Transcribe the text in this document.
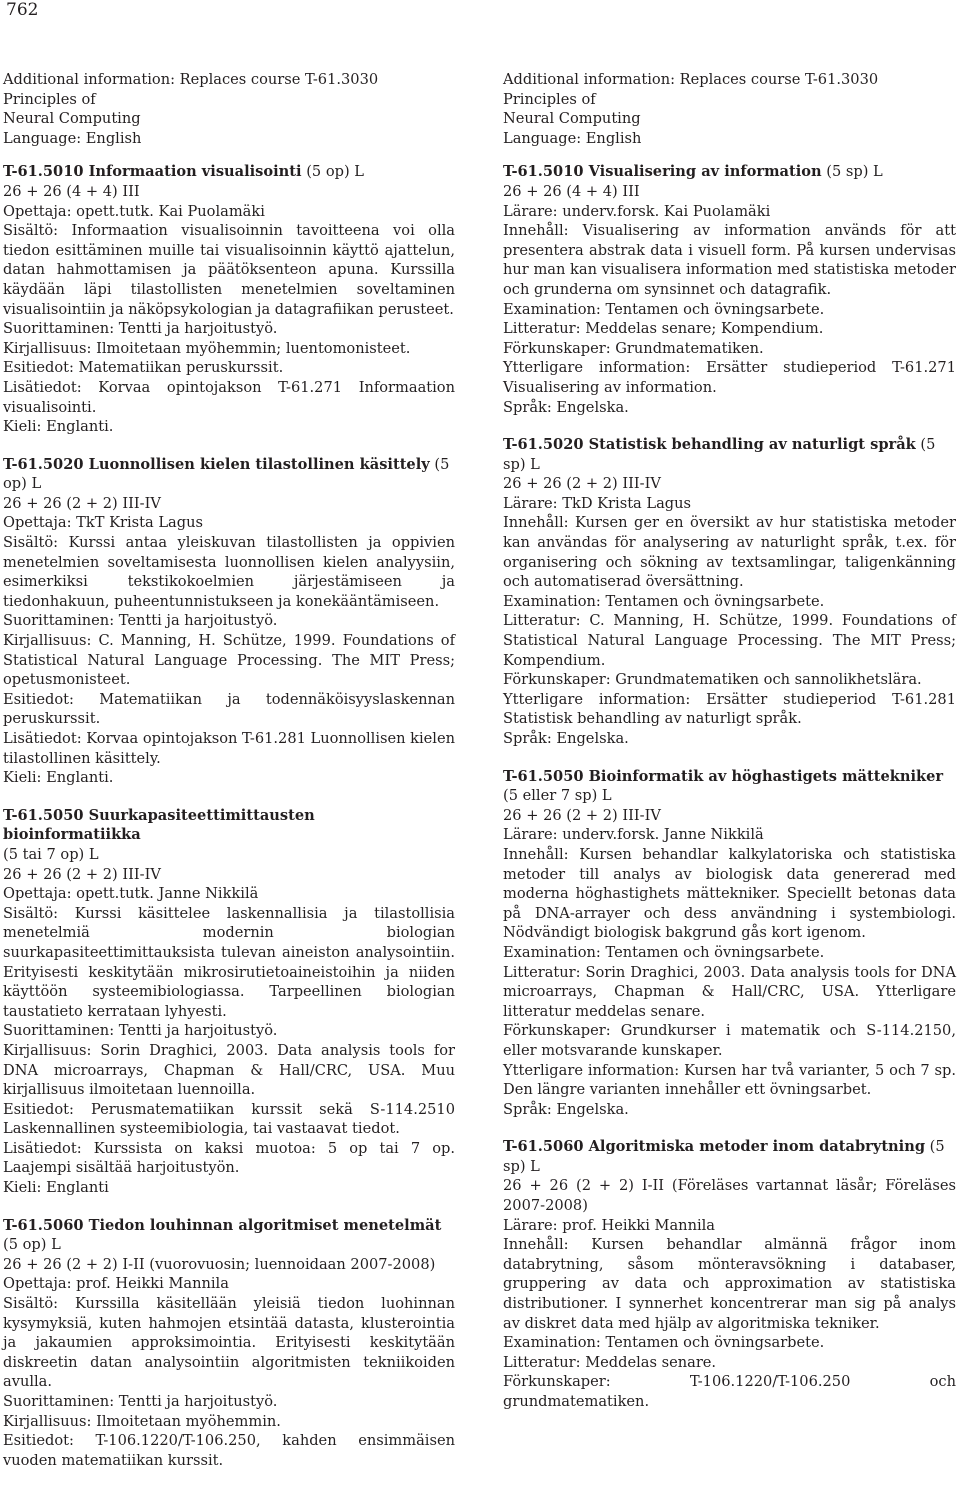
762
Additional information: Replaces course T-61.3030 Principles of
Neural Computing
Language: English
T-61.5010 Informaation visualisointi (5 op) L

26 + 26 (4 + 4) III

Opettaja: opett.tutk. Kai Puolamäki

Sisältö: Informaation visualisoinnin tavoitteena voi olla tiedon esittäminen muille tai visualisoinnin käyttö ajattelun, datan hahmottamisen ja päätöksenteon apuna. Kurssilla käydään läpi tilastollisten menetelmien soveltaminen visualisointiin ja näköpsykologian ja datagrafiikan perusteet.

Suorittaminen: Tentti ja harjoitustyö.

Kirjallisuus: Ilmoitetaan myöhemmin; luentomonisteet.

Esitiedot: Matematiikan peruskurssit.

Lisätiedot: Korvaa opintojakson T-61.271 Informaation visualisointi.

Kieli: Englanti.

T-61.5020 Luonnollisen kielen tilastollinen käsittely (5 op) L

26 + 26 (2 + 2) III-IV

Opettaja: TkT Krista Lagus

Sisältö: Kurssi antaa yleiskuvan tilastollisten ja oppivien menetelmien soveltamisesta luonnollisen kielen analyysiin, esimerkiksi tekstikokoelmien järjestämiseen ja tiedonhakuun, puheentunnistukseen ja konekääntämiseen.

Suorittaminen: Tentti ja harjoitustyö.

Kirjallisuus: C. Manning, H. Schütze, 1999. Foundations of Statistical Natural Language Processing. The MIT Press; opetusmonisteet.

Esitiedot: Matematiikan ja todennäköisyyslaskennan peruskurssit.

Lisätiedot: Korvaa opintojakson T-61.281 Luonnollisen kielen tilastollinen käsittely.

Kieli: Englanti.

T-61.5050 Suurkapasiteettimittausten bioinformatiikka

(5 tai 7 op) L

26 + 26 (2 + 2) III-IV

Opettaja: opett.tutk. Janne Nikkilä

Sisältö: Kurssi käsittelee laskennallisia ja tilastollisia menetelmiä modernin biologian suurkapasiteettimittauksista tulevan aineiston analysointiin. Erityisesti keskitytään mikrosirutietoaineistoihin ja niiden käyttöön systeemibiologiassa. Tarpeellinen biologian taustatieto kerrataan lyhyesti.

Suorittaminen: Tentti ja harjoitustyö.

Kirjallisuus: Sorin Draghici, 2003. Data analysis tools for DNA microarrays, Chapman & Hall/CRC, USA. Muu kirjallisuus ilmoitetaan luennoilla.

Esitiedot: Perusmatematiikan kurssit sekä S-114.2510 Laskennallinen systeemibiologia, tai vastaavat tiedot.

Lisätiedot: Kurssista on kaksi muotoa: 5 op tai 7 op. Laajempi sisältää harjoitustyön.

Kieli: Englanti

T-61.5060 Tiedon louhinnan algoritmiset menetelmät

(5 op) L

26 + 26 (2 + 2) I-II (vuorovuosin; luennoidaan 2007-2008)

Opettaja: prof. Heikki Mannila

Sisältö: Kurssilla käsitellään yleisiä tiedon luohinnan kysymyksiä, kuten hahmojen etsintää datasta, klusterointia ja jakaumien approksimointia. Erityisesti keskitytään diskreetin datan analysointiin algoritmisten tekniikoiden avulla.

Suorittaminen: Tentti ja harjoitustyö.

Kirjallisuus: Ilmoitetaan myöhemmin.

Esitiedot: T-106.1220/T-106.250, kahden ensimmäisen vuoden matematiikan kurssit.

Additional information: Replaces course T-61.3030 Principles of
Neural Computing
Language: English
T-61.5010 Visualisering av information (5 sp) L

26 + 26 (4 + 4) III

Lärare: underv.forsk. Kai Puolamäki

Innehåll: Visualisering av information används för att presentera abstrak data i visuell form. På kursen undervisas hur man kan visualisera information med statistiska metoder och grunderna om synsinnet och datagrafik.

Examination: Tentamen och övningsarbete.

Litteratur: Meddelas senare; Kompendium.

Förkunskaper: Grundmatematiken.

Ytterligare information: Ersätter studieperiod T-61.271 Visualisering av information.

Språk: Engelska.

T-61.5020 Statistisk behandling av naturligt språk (5 sp) L

26 + 26 (2 + 2) III-IV

Lärare: TkD Krista Lagus

Innehåll: Kursen ger en översikt av hur statistiska metoder kan användas för analysering av naturlight språk, t.ex. för organisering och sökning av textsamlingar, taligenkänning och automatiserad översättning.

Examination: Tentamen och övningsarbete.

Litteratur: C. Manning, H. Schütze, 1999. Foundations of Statistical Natural Language Processing. The MIT Press; Kompendium.

Förkunskaper: Grundmatematiken och sannolikhetslära.

Ytterligare information: Ersätter studieperiod T-61.281 Statistisk behandling av naturligt språk.

Språk: Engelska.

T-61.5050 Bioinformatik av höghastigets mättekniker (5 eller 7 sp) L

26 + 26 (2 + 2) III-IV

Lärare: underv.forsk. Janne Nikkilä

Innehåll: Kursen behandlar kalkylatoriska och statistiska metoder till analys av biologisk data genererad med moderna höghastighets mättekniker. Speciellt betonas data på DNA-arrayer och dess användning i systembiologi. Nödvändigt biologisk bakgrund gås kort igenom.

Examination: Tentamen och övningsarbete.

Litteratur: Sorin Draghici, 2003. Data analysis tools for DNA microarrays, Chapman & Hall/CRC, USA. Ytterligare litteratur meddelas senare.

Förkunskaper: Grundkurser i matematik och S-114.2150, eller motsvarande kunskaper.

Ytterligare information: Kursen har två varianter, 5 och 7 sp. Den längre varianten innehåller ett övningsarbet.

Språk: Engelska.

T-61.5060 Algoritmiska metoder inom databrytning (5 sp) L

26 + 26 (2 + 2) I-II (Föreläses vartannat läsår; Föreläses 2007-2008)

Lärare: prof. Heikki Mannila

Innehåll: Kursen behandlar almännä frågor inom databrytning, såsom mönteravsökning i databaser, gruppering av data och approximation av statistiska distributioner. I synnerhet koncentrerar man sig på analys av diskret data med hjälp av algoritmiska tekniker.

Examination: Tentamen och övningsarbete.

Litteratur: Meddelas senare.

Förkunskaper: T-106.1220/T-106.250 och grundmatematiken.
